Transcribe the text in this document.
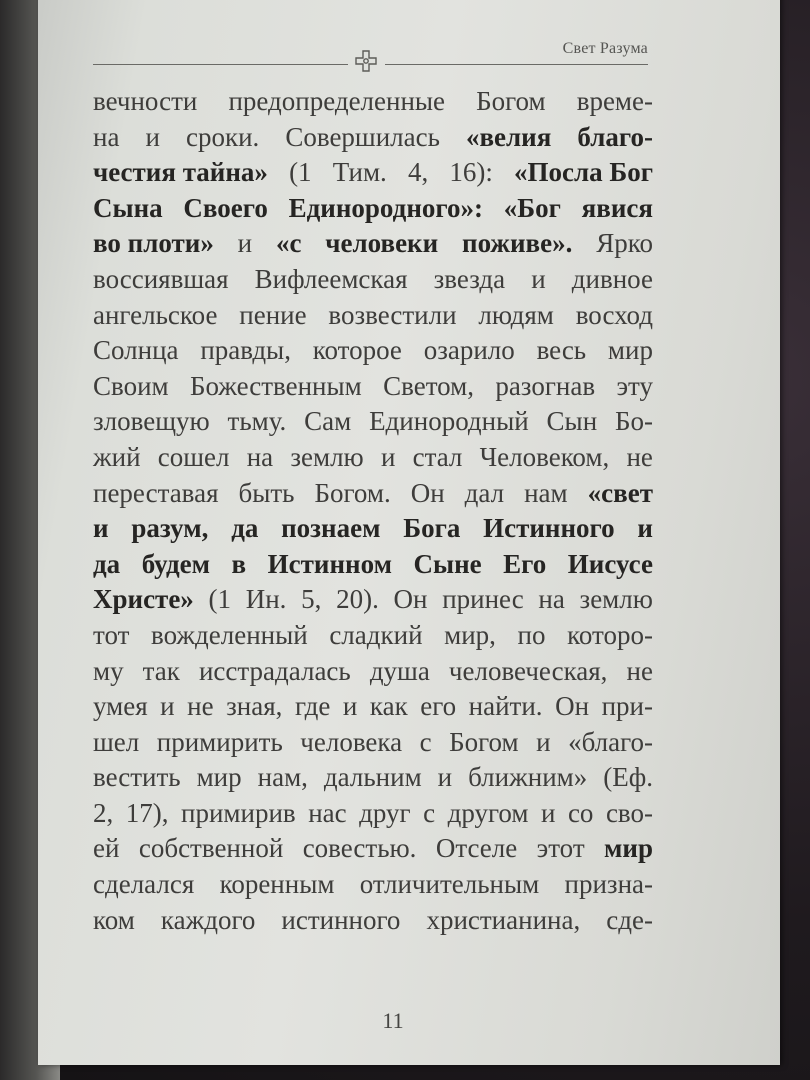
Свет Разума
вечности предопределенные Богом време-
на и сроки. Совершилась «велия благо-
честия тайна» (1 Тим. 4, 16): «Посла Бог
Сына Своего Единородного»: «Бог явися
во плоти» и «с человеки поживе». Ярко
воссиявшая Вифлеемская звезда и дивное
ангельское пение возвестили людям восход
Солнца правды, которое озарило весь мир
Своим Божественным Светом, разогнав эту
зловещую тьму. Сам Единородный Сын Бо-
жий сошел на землю и стал Человеком, не
переставая быть Богом. Он дал нам «свет
и разум, да познаем Бога Истинного и
да будем в Истинном Сыне Его Иисусе
Христе» (1 Ин. 5, 20). Он принес на землю
тот вожделенный сладкий мир, по которо-
му так исстрадалась душа человеческая, не
умея и не зная, где и как его найти. Он при-
шел примирить человека с Богом и «благо-
вестить мир нам, дальним и ближним» (Еф.
2, 17), примирив нас друг с другом и со сво-
ей собственной совестью. Отселе этот мир
сделался коренным отличительным призна-
ком каждого истинного христианина, сде-
11
